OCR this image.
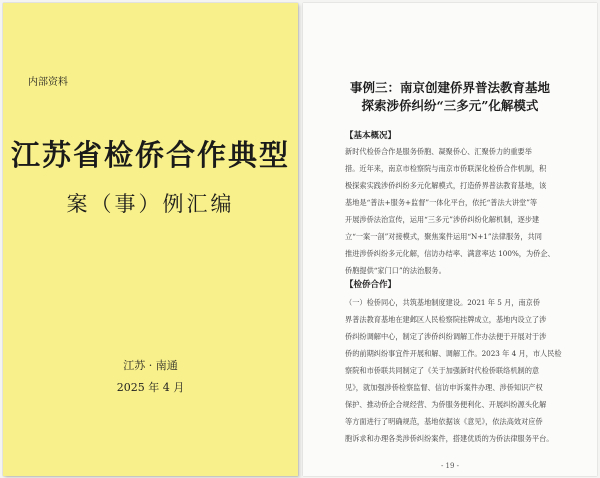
内部资料
江苏省检侨合作典型
案（事）例汇编
江苏 · 南通
2025 年 4 月
事例三：南京创建侨界普法教育基地
探索涉侨纠纷“三多元”化解模式
【基本概况】
新时代检侨合作是服务侨胞、凝聚侨心、汇聚侨力的重要举
措。近年来，南京市检察院与南京市侨联深化检侨合作机制，积
极探索实践涉侨纠纷多元化解模式，打造侨界普法教育基地，该
基地是“普法+服务+监督”一体化平台，依托“普法大讲堂”等
开展涉侨法治宣传，运用“三多元”涉侨纠纷化解机制，逐步建
立“一案一剖”对接模式，聚焦案件运用“N+1”法律服务，共同
推进涉侨纠纷多元化解，信访办结率、满意率达 100%，为侨企、
侨胞提供“家门口”的法治服务。
【检侨合作】
（一）检侨同心，共筑基地制度建设。2021 年 5 月，南京侨
界普法教育基地在建邺区人民检察院挂牌成立，基地内设立了涉
侨纠纷调解中心，制定了涉侨纠纷调解工作办法便于开展对于涉
侨的前期纠纷事宜件开展和解、调解工作。2023 年 4 月，市人民检
察院和市侨联共同制定了《关于加强新时代检侨联络机制的意
见》，就加强涉侨检察监督、信访申诉案件办理、涉侨知识产权
保护、推动侨企合规经营、为侨服务便利化、开展纠纷源头化解
等方面进行了明确规范，基地依据该《意见》，依法高效对应侨
胞诉求和办理各类涉侨纠纷案件，搭建优质的为侨法律服务平台。
- 19 -
